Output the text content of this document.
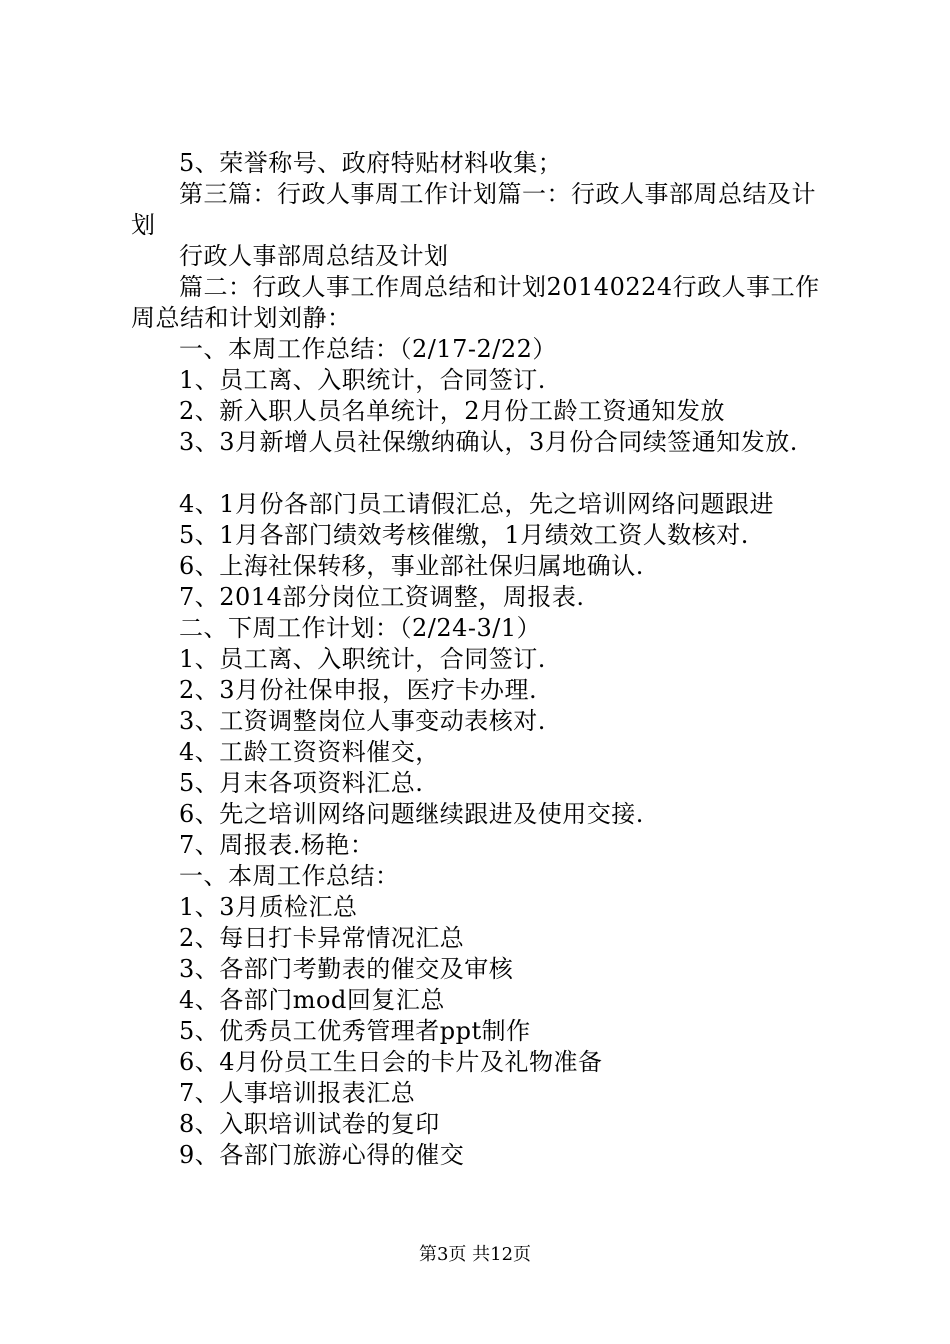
5、荣誉称号、政府特贴材料收集；
第三篇：行政人事周工作计划篇一：行政人事部周总结及计划
行政人事部周总结及计划
篇二：行政人事工作周总结和计划20140224行政人事工作周总结和计划刘静：
一、本周工作总结：（2/17-2/22）
1、员工离、入职统计，合同签订.
2、新入职人员名单统计，2月份工龄工资通知发放
3、3月新增人员社保缴纳确认，3月份合同续签通知发放.
4、1月份各部门员工请假汇总，先之培训网络问题跟进
5、1月各部门绩效考核催缴，1月绩效工资人数核对.
6、上海社保转移，事业部社保归属地确认.
7、2014部分岗位工资调整，周报表.
二、下周工作计划：（2/24-3/1）
1、员工离、入职统计，合同签订.
2、3月份社保申报，医疗卡办理.
3、工资调整岗位人事变动表核对.
4、工龄工资资料催交，
5、月末各项资料汇总.
6、先之培训网络问题继续跟进及使用交接.
7、周报表.杨艳：
一、本周工作总结：
1、3月质检汇总
2、每日打卡异常情况汇总
3、各部门考勤表的催交及审核
4、各部门mod回复汇总
5、优秀员工优秀管理者ppt制作
6、4月份员工生日会的卡片及礼物准备
7、人事培训报表汇总
8、入职培训试卷的复印
9、各部门旅游心得的催交
第3页 共12页
